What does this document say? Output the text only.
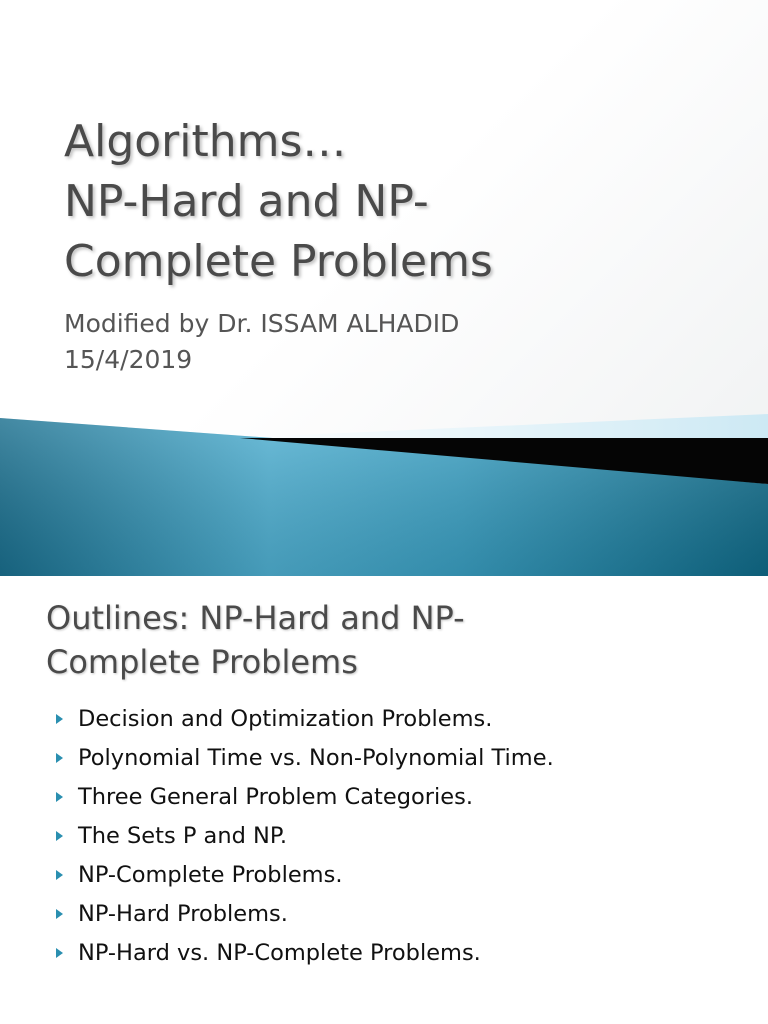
Algorithms…
NP-Hard and NP-
Complete Problems
Modified by Dr. ISSAM ALHADID
15/4/2019
Outlines: NP-Hard and NP-
Complete Problems
Decision and Optimization Problems.
Polynomial Time vs. Non-Polynomial Time.
Three General Problem Categories.
The Sets P and NP.
NP-Complete Problems.
NP-Hard Problems.
NP-Hard vs. NP-Complete Problems.
